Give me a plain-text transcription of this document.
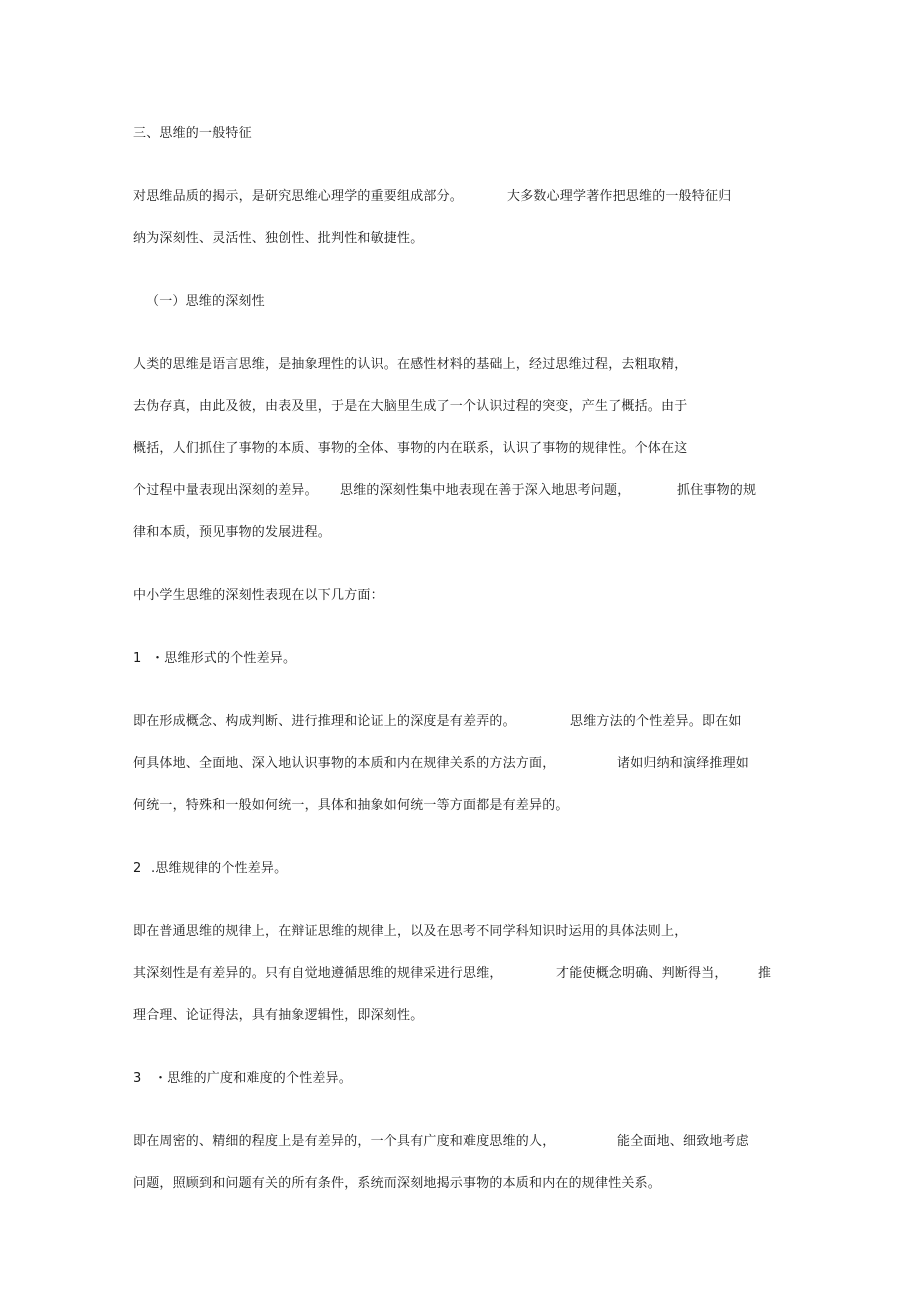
三、思维的一般特征
对思维品质的揭示，是研究思维心理学的重要组成部分。	大多数心理学著作把思维的一般特征归
纳为深刻性、灵活性、独创性、批判性和敏捷性。
（一）思维的深刻性
人类的思维是语言思维，是抽象理性的认识。在感性材料的基础上，经过思维过程，去粗取精，
去伪存真，由此及彼，由表及里，于是在大脑里生成了一个认识过程的突变，产生了概括。由于
概括，人们抓住了事物的本质、事物的全体、事物的内在联系，认识了事物的规律性。个体在这
个过程中量表现出深刻的差异。 思维的深刻性集中地表现在善于深入地思考问题，	抓住事物的规
律和本质，预见事物的发展进程。
中小学生思维的深刻性表现在以下几方面：
1 ・思维形式的个性差异。
即在形成概念、构成判断、进行推理和论证上的深度是有差弄的。	思维方法的个性差异。即在如
何具体地、全面地、深入地认识事物的本质和内在规律关系的方法方面，	诸如归纳和演绎推理如
何统一，特殊和一般如何统一，具体和抽象如何统一等方面都是有差异的。
2 .思维规律的个性差异。
即在普通思维的规律上，在辩证思维的规律上，以及在思考不同学科知识时运用的具体法则上，
其深刻性是有差异的。只有自觉地遵循思维的规律采进行思维，	才能使概念明确、判断得当， 推
理合理、论证得法，具有抽象逻辑性，即深刻性。
3 ・思维的广度和难度的个性差异。
即在周密的、精细的程度上是有差异的，一个具有广度和难度思维的人，	能全面地、细致地考虑
问题，照顾到和问题有关的所有条件，系统而深刻地揭示事物的本质和内在的规律性关系。
